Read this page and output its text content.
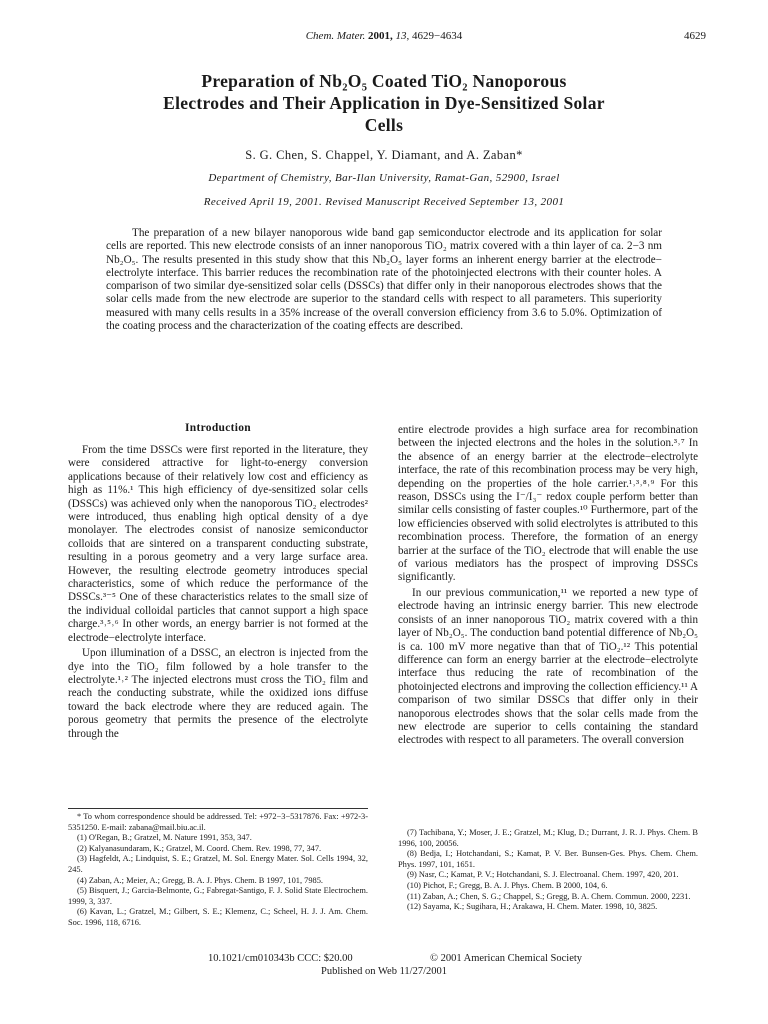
Chem. Mater. 2001, 13, 4629−4634	4629
Preparation of Nb₂O₅ Coated TiO₂ Nanoporous
Electrodes and Their Application in Dye-Sensitized Solar
Cells
S. G. Chen, S. Chappel, Y. Diamant, and A. Zaban*
Department of Chemistry, Bar-Ilan University, Ramat-Gan, 52900, Israel
Received April 19, 2001. Revised Manuscript Received September 13, 2001

The preparation of a new bilayer nanoporous wide band gap semiconductor electrode and its application for solar cells are reported. This new electrode consists of an inner nanoporous TiO₂ matrix covered with a thin layer of ca. 2−3 nm Nb₂O₅. The results presented in this study show that this Nb₂O₅ layer forms an inherent energy barrier at the electrode− electrolyte interface. This barrier reduces the recombination rate of the photoinjected electrons with their counter holes. A comparison of two similar dye-sensitized solar cells (DSSCs) that differ only in their nanoporous electrodes shows that the solar cells made from the new electrode are superior to the standard cells with respect to all parameters. This superiority measured with many cells results in a 35% increase of the overall conversion efficiency from 3.6 to 5.0%. Optimization of the coating process and the characterization of the coating effects are described.

Introduction

From the time DSSCs were first reported in the literature, they were considered attractive for light-to-energy conversion applications because of their relatively low cost and efficiency as high as 11%.¹ This high efficiency of dye-sensitized solar cells (DSSCs) was achieved only when the nanoporous TiO₂ electrodes² were introduced, thus enabling high optical density of a dye monolayer. The electrodes consist of nanosize semiconductor colloids that are sintered on a transparent conducting substrate, resulting in a porous geometry and a very large surface area. However, the resulting electrode geometry introduces special characteristics, some of which reduce the performance of the DSSCs.³⁻⁵ One of these characteristics relates to the small size of the individual colloidal particles that cannot support a high space charge.³˒⁵˒⁶ In other words, an energy barrier is not formed at the electrode−electrolyte interface.

Upon illumination of a DSSC, an electron is injected from the dye into the TiO₂ film followed by a hole transfer to the electrolyte.¹˒² The injected electrons must cross the TiO₂ film and reach the conducting substrate, while the oxidized ions diffuse toward the back electrode where they are reduced again. The porous geometry that permits the presence of the electrolyte through the

entire electrode provides a high surface area for recombination between the injected electrons and the holes in the solution.³˒⁷ In the absence of an energy barrier at the electrode−electrolyte interface, the rate of this recombination process may be very high, depending on the properties of the hole carrier.¹˒³˒⁸˒⁹ For this reason, DSSCs using the I⁻/I₃⁻ redox couple perform better than similar cells consisting of faster couples.¹⁰ Furthermore, part of the low efficiencies observed with solid electrolytes is attributed to this recombination process. Therefore, the formation of an energy barrier at the surface of the TiO₂ electrode that will enable the use of various mediators has the prospect of improving DSSCs significantly.

In our previous communication,¹¹ we reported a new type of electrode having an intrinsic energy barrier. This new electrode consists of an inner nanoporous TiO₂ matrix covered with a thin layer of Nb₂O₅. The conduction band potential difference of Nb₂O₅ is ca. 100 mV more negative than that of TiO₂.¹² This potential difference can form an energy barrier at the electrode−electrolyte interface thus reducing the rate of recombination of the photoinjected electrons and improving the collection efficiency.¹¹ A comparison of two similar DSSCs that differ only in their nanoporous electrodes shows that the solar cells made from the new electrode are superior to cells containing the standard electrodes with respect to all parameters. The overall conversion

* To whom correspondence should be addressed. Tel: +972−3−5317876. Fax: +972-3-5351250. E-mail: zabana@mail.biu.ac.il.

(1) O'Regan, B.; Gratzel, M. Nature 1991, 353, 347.

(2) Kalyanasundaram, K.; Gratzel, M. Coord. Chem. Rev. 1998, 77, 347.

(3) Hagfeldt, A.; Lindquist, S. E.; Gratzel, M. Sol. Energy Mater. Sol. Cells 1994, 32, 245.

(4) Zaban, A.; Meier, A.; Gregg, B. A. J. Phys. Chem. B 1997, 101, 7985.

(5) Bisquert, J.; Garcia-Belmonte, G.; Fabregat-Santigo, F. J. Solid State Electrochem. 1999, 3, 337.

(6) Kavan, L.; Gratzel, M.; Gilbert, S. E.; Klemenz, C.; Scheel, H. J. J. Am. Chem. Soc. 1996, 118, 6716.

(7) Tachibana, Y.; Moser, J. E.; Gratzel, M.; Klug, D.; Durrant, J. R. J. Phys. Chem. B 1996, 100, 20056.

(8) Bedja, I.; Hotchandani, S.; Kamat, P. V. Ber. Bunsen-Ges. Phys. Chem. Chem. Phys. 1997, 101, 1651.

(9) Nasr, C.; Kamat, P. V.; Hotchandani, S. J. Electroanal. Chem. 1997, 420, 201.

(10) Pichot, F.; Gregg, B. A. J. Phys. Chem. B 2000, 104, 6.

(11) Zaban, A.; Chen, S. G.; Chappel, S.; Gregg, B. A. Chem. Commun. 2000, 2231.

(12) Sayama, K.; Sugihara, H.; Arakawa, H. Chem. Mater. 1998, 10, 3825.

10.1021/cm010343b CCC: $20.00	© 2001 American Chemical Society
Published on Web 11/27/2001
